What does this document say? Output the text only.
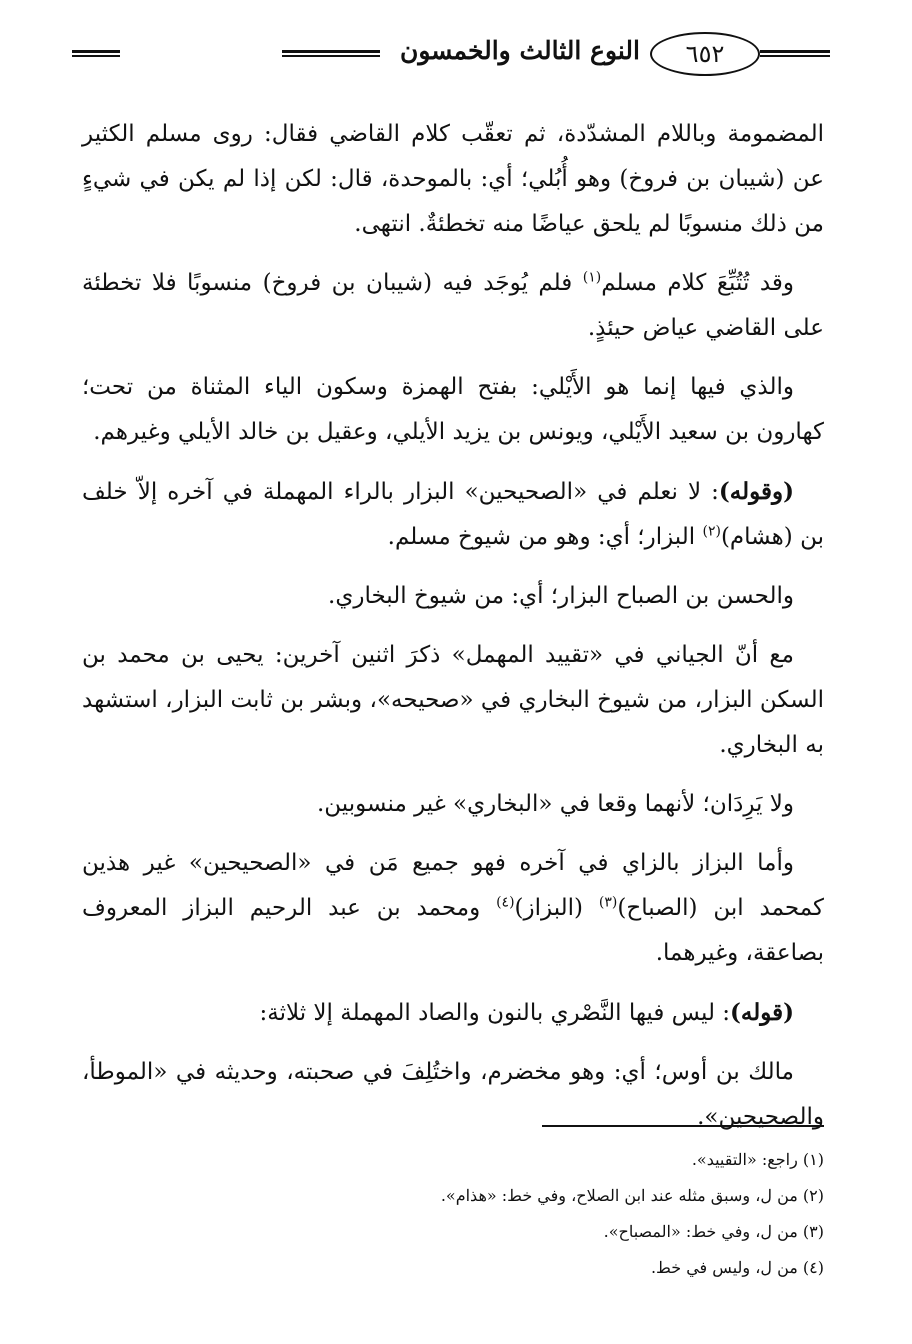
٦٥٢
النوع الثالث والخمسون

المضمومة وباللام المشدّدة، ثم تعقّب كلام القاضي فقال: روى مسلم الكثير عن (شيبان بن فروخ) وهو أُبُلي؛ أي: بالموحدة، قال: لكن إذا لم يكن في شيءٍ من ذلك منسوبًا لم يلحق عياضًا منه تخطئةٌ. انتهى.

وقد تُتُبِّعَ كلام مسلم$^{(١)}$ فلم يُوجَد فيه (شيبان بن فروخ) منسوبًا فلا تخطئة على القاضي عياض حيئذٍ.

والذي فيها إنما هو الأَيْلي: بفتح الهمزة وسكون الياء المثناة من تحت؛ كهارون بن سعيد الأَيْلي، ويونس بن يزيد الأيلي، وعقيل بن خالد الأيلي وغيرهم.

(وقوله): لا نعلم في «الصحيحين» البزار بالراء المهملة في آخره إلاّ خلف بن (هشام)$^{(٢)}$ البزار؛ أي: وهو من شيوخ مسلم.

والحسن بن الصباح البزار؛ أي: من شيوخ البخاري.

مع أنّ الجياني في «تقييد المهمل» ذكرَ اثنين آخرين: يحيى بن محمد بن السكن البزار، من شيوخ البخاري في «صحيحه»، وبشر بن ثابت البزار، استشهد به البخاري.

ولا يَرِدَان؛ لأنهما وقعا في «البخاري» غير منسوبين.

وأما البزاز بالزاي في آخره فهو جميع مَن في «الصحيحين» غير هذين كمحمد ابن (الصباح)$^{(٣)}$ (البزاز)$^{(٤)}$ ومحمد بن عبد الرحيم البزاز المعروف بصاعقة، وغيرهما.

(قوله): ليس فيها النَّصْري بالنون والصاد المهملة إلا ثلاثة:

مالك بن أوس؛ أي: وهو مخضرم، واختُلِفَ في صحبته، وحديثه في «الموطأ، والصحيحين».

(١) راجع: «التقييد».
(٢) من ل، وسبق مثله عند ابن الصلاح، وفي خط: «هذام».
(٣) من ل، وفي خط: «المصباح».
(٤) من ل، وليس في خط.
